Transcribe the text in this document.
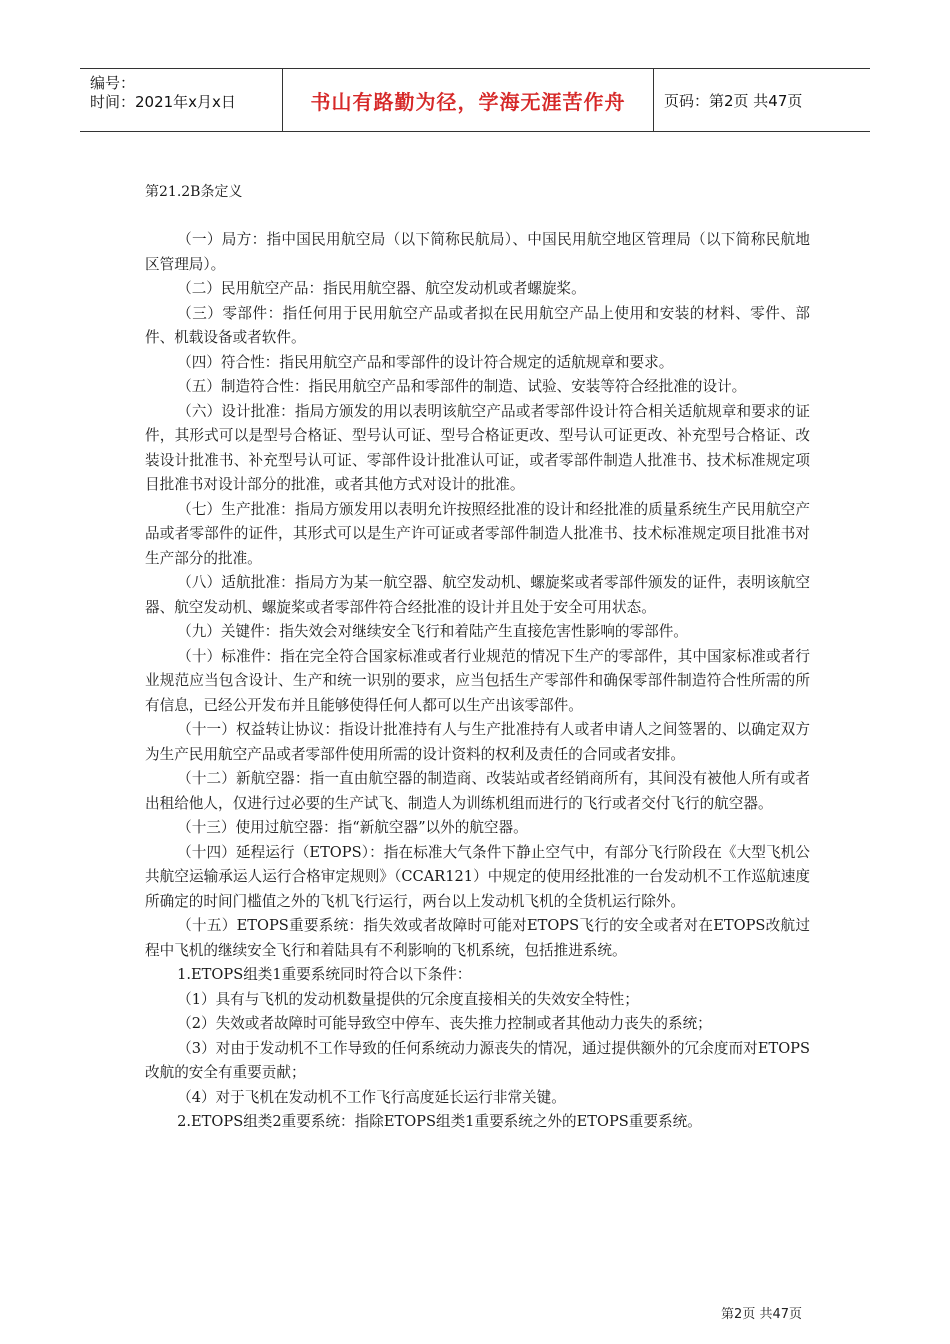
编号：
时间：2021年x月x日	书山有路勤为径，学海无涯苦作舟	页码：第2页 共47页
第21.2B条定义

（一）局方：指中国民用航空局（以下简称民航局）、中国民用航空地区管理局（以下简称民航地区管理局）。

（二）民用航空产品：指民用航空器、航空发动机或者螺旋桨。

（三）零部件：指任何用于民用航空产品或者拟在民用航空产品上使用和安装的材料、零件、部件、机载设备或者软件。

（四）符合性：指民用航空产品和零部件的设计符合规定的适航规章和要求。

（五）制造符合性：指民用航空产品和零部件的制造、试验、安装等符合经批准的设计。

（六）设计批准：指局方颁发的用以表明该航空产品或者零部件设计符合相关适航规章和要求的证件，其形式可以是型号合格证、型号认可证、型号合格证更改、型号认可证更改、补充型号合格证、改装设计批准书、补充型号认可证、零部件设计批准认可证，或者零部件制造人批准书、技术标准规定项目批准书对设计部分的批准，或者其他方式对设计的批准。

（七）生产批准：指局方颁发用以表明允许按照经批准的设计和经批准的质量系统生产民用航空产品或者零部件的证件，其形式可以是生产许可证或者零部件制造人批准书、技术标准规定项目批准书对生产部分的批准。

（八）适航批准：指局方为某一航空器、航空发动机、螺旋桨或者零部件颁发的证件，表明该航空器、航空发动机、螺旋桨或者零部件符合经批准的设计并且处于安全可用状态。

（九）关键件：指失效会对继续安全飞行和着陆产生直接危害性影响的零部件。

（十）标准件：指在完全符合国家标准或者行业规范的情况下生产的零部件，其中国家标准或者行业规范应当包含设计、生产和统一识别的要求，应当包括生产零部件和确保零部件制造符合性所需的所有信息，已经公开发布并且能够使得任何人都可以生产出该零部件。

（十一）权益转让协议：指设计批准持有人与生产批准持有人或者申请人之间签署的、以确定双方为生产民用航空产品或者零部件使用所需的设计资料的权利及责任的合同或者安排。

（十二）新航空器：指一直由航空器的制造商、改装站或者经销商所有，其间没有被他人所有或者出租给他人，仅进行过必要的生产试飞、制造人为训练机组而进行的飞行或者交付飞行的航空器。

（十三）使用过航空器：指“新航空器”以外的航空器。

（十四）延程运行（ETOPS）：指在标准大气条件下静止空气中，有部分飞行阶段在《大型飞机公共航空运输承运人运行合格审定规则》（CCAR121）中规定的使用经批准的一台发动机不工作巡航速度所确定的时间门槛值之外的飞机飞行运行，两台以上发动机飞机的全货机运行除外。

（十五）ETOPS重要系统：指失效或者故障时可能对ETOPS飞行的安全或者对在ETOPS改航过程中飞机的继续安全飞行和着陆具有不利影响的飞机系统，包括推进系统。

1.ETOPS组类1重要系统同时符合以下条件：

（1）具有与飞机的发动机数量提供的冗余度直接相关的失效安全特性；

（2）失效或者故障时可能导致空中停车、丧失推力控制或者其他动力丧失的系统；

（3）对由于发动机不工作导致的任何系统动力源丧失的情况，通过提供额外的冗余度而对ETOPS改航的安全有重要贡献；

（4）对于飞机在发动机不工作飞行高度延长运行非常关键。

2.ETOPS组类2重要系统：指除ETOPS组类1重要系统之外的ETOPS重要系统。

第2页 共47页
